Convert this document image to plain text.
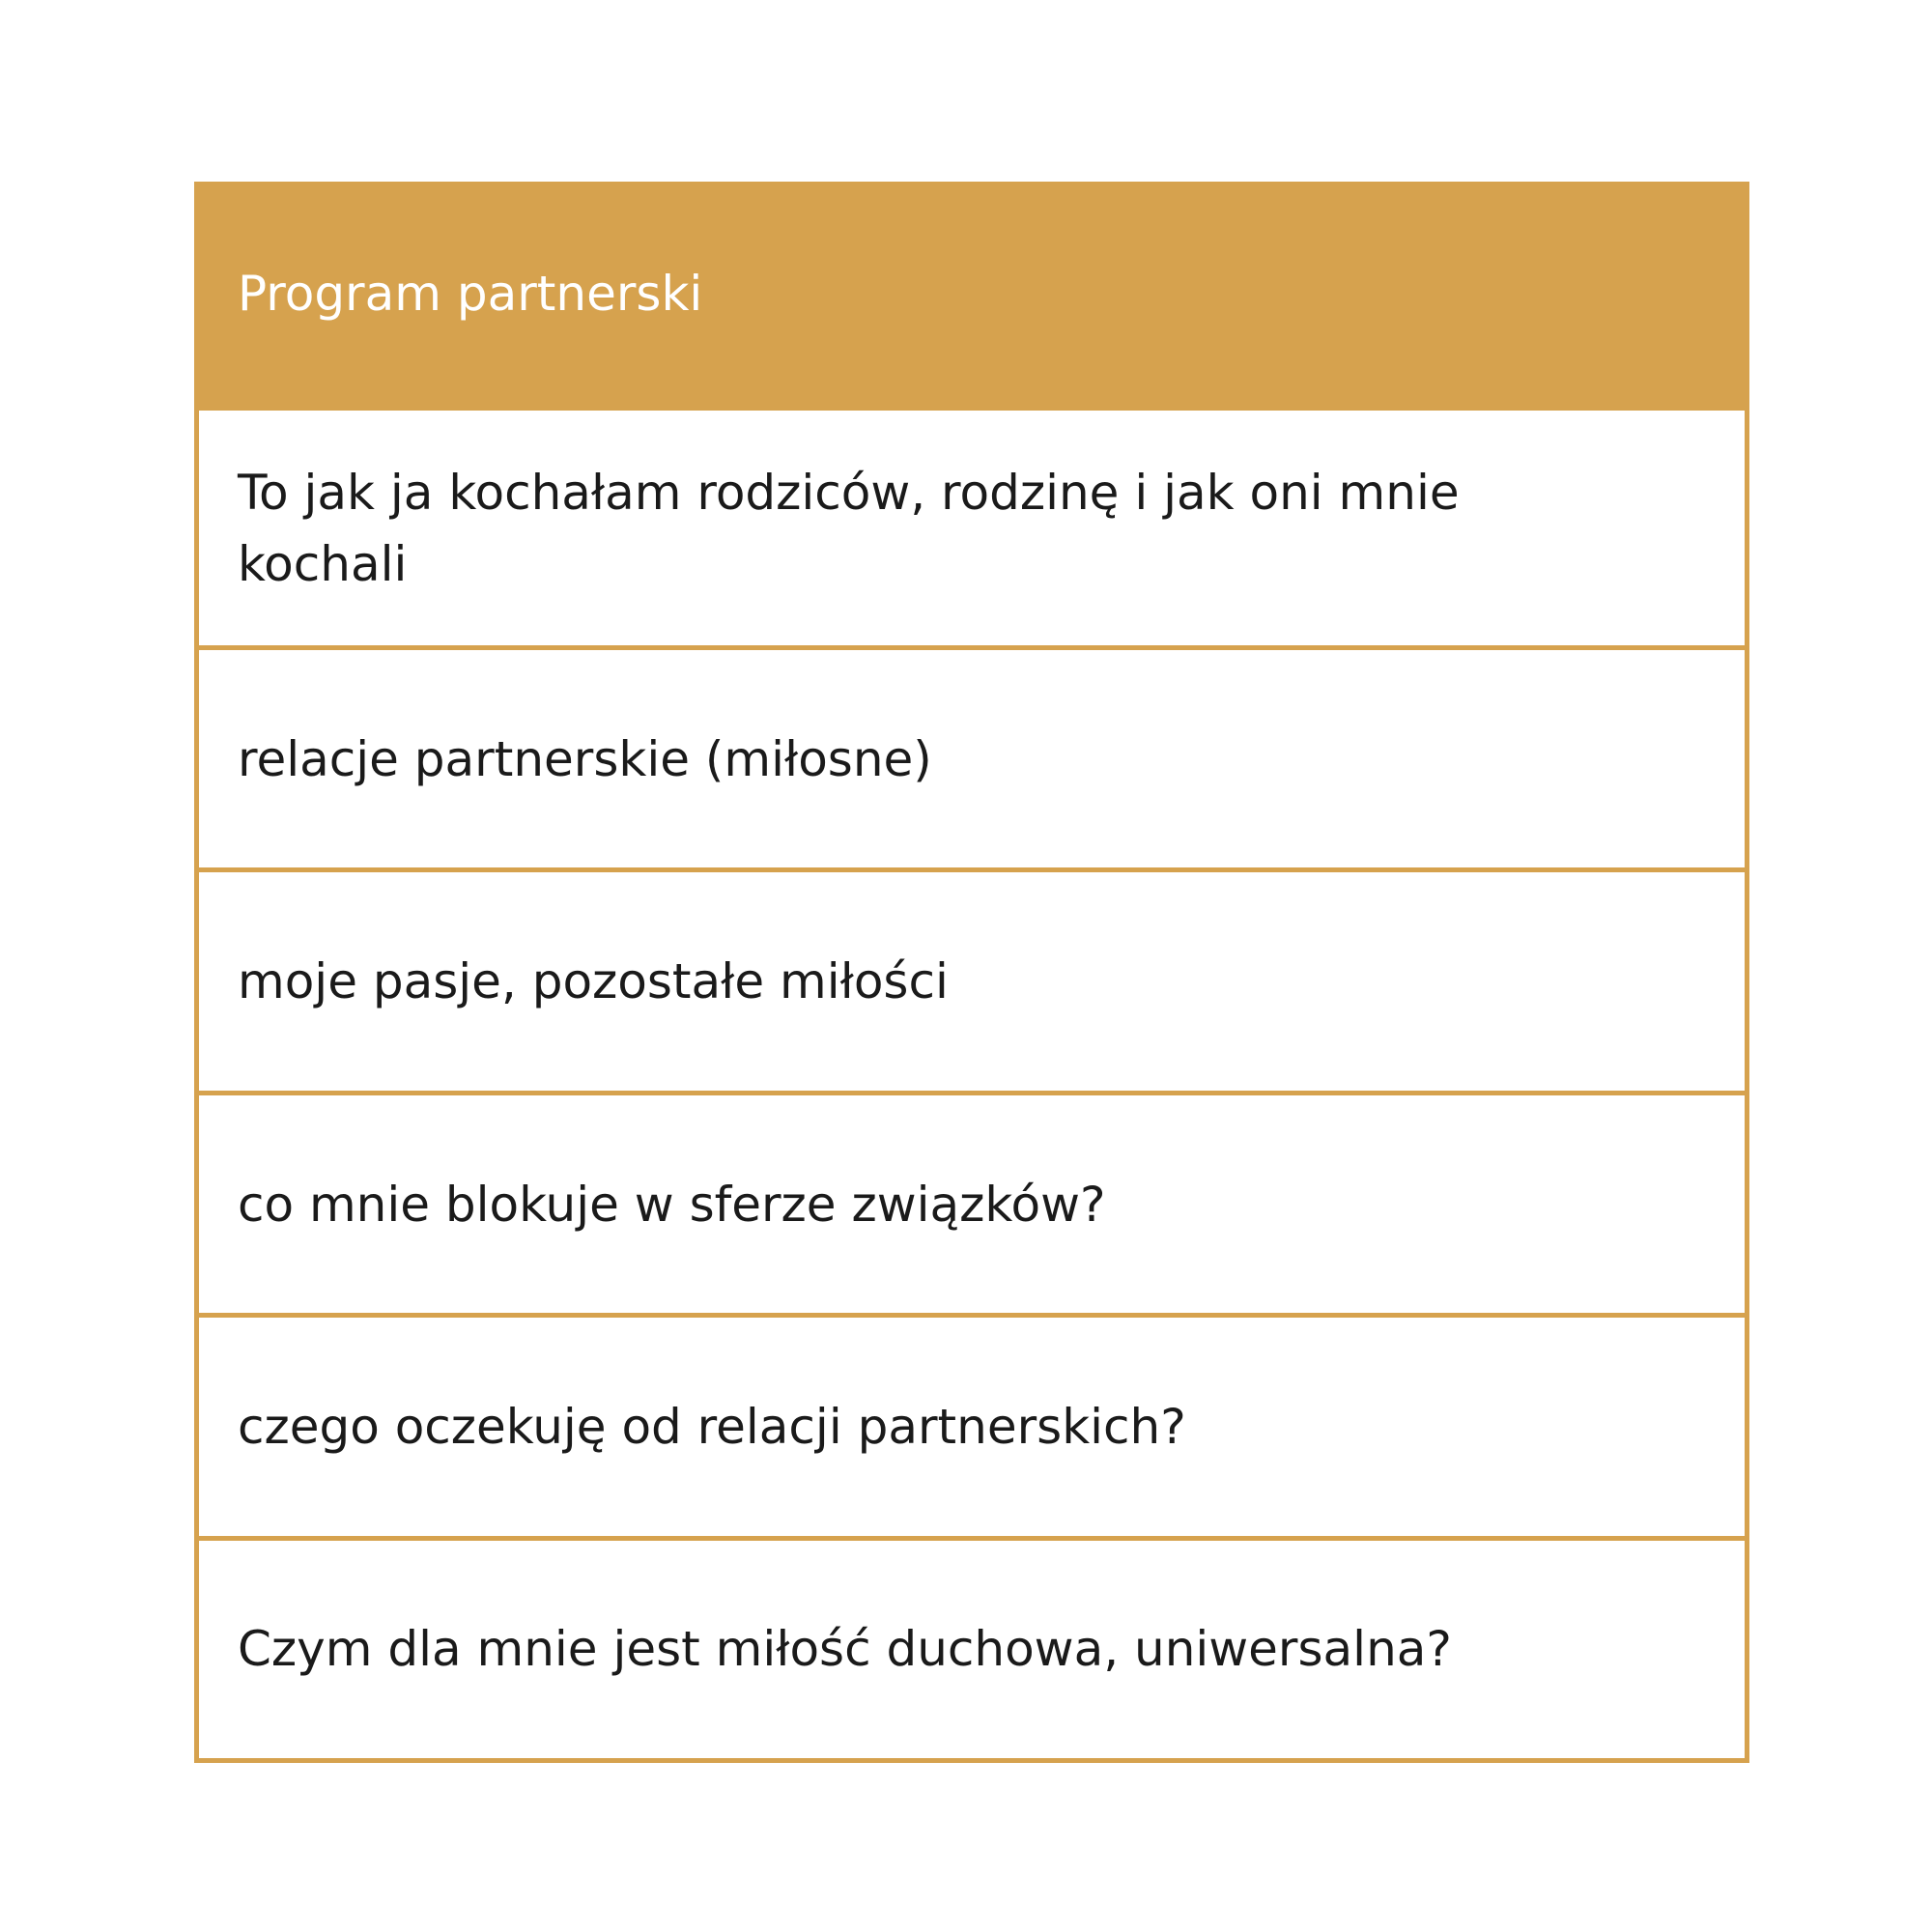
Program partnerski
To jak ja kochałam rodziców, rodzinę i jak oni mnie kochali
relacje partnerskie (miłosne)
moje pasje, pozostałe miłości
co mnie blokuje w sferze związków?
czego oczekuję od relacji partnerskich?
Czym dla mnie jest miłość duchowa, uniwersalna?
